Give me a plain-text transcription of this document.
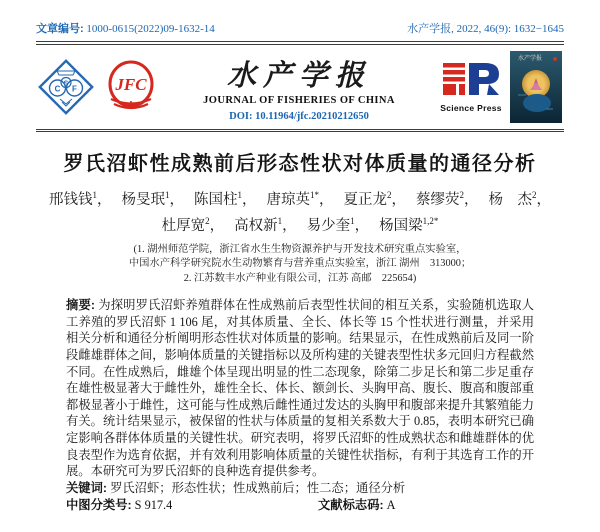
文章编号: 1000-0615(2022)09-1632-14	水产学报, 2022, 46(9): 1632−1645
C
S
F JFC	水产学报
JOURNAL OF FISHERIES OF CHINA
DOI: 10.11964/jfc.20210212650
Science Press
水产学报
罗氏沼虾性成熟前后形态性状对体质量的通径分析
邢钱钱$^1$， 杨旻珉$^1$， 陈国柱$^1$， 唐琼英$^{1*}$， 夏正龙$^2$， 蔡缪荧$^2$， 杨　杰$^2$，
杜厚宽$^2$， 高权新$^1$， 易少奎$^1$， 杨国梁$^{1,2*}$
(1. 湖州师范学院，浙江省水生生物资源养护与开发技术研究重点实验室，
中国水产科学研究院水生动物繁育与营养重点实验室，浙江 湖州　313000；
2. 江苏数丰水产种业有限公司，江苏 高邮　225654)

摘要: 为探明罗氏沼虾养殖群体在性成熟前后表型性状间的相互关系，实验随机选取人工养殖的罗氏沼虾 1 106 尾，对其体质量、全长、体长等 15 个性状进行测量，并采用相关分析和通径分析阐明形态性状对体质量的影响。结果显示，在性成熟前后及同一阶段雌雄群体之间，影响体质量的关键指标以及所构建的关键表型性状多元回归方程截然不同。在性成熟后，雌雄个体呈现出明显的性二态现象，除第二步足长和第二步足重存在雄性极显著大于雌性外，雄性全长、体长、额剑长、头胸甲高、腹长、腹高和腹部重都极显著小于雌性，这可能与性成熟后雌性通过发达的头胸甲和腹部来提升其繁殖能力有关。统计结果显示，被保留的性状与体质量的复相关系数大于 0.85，表明本研究已确定影响各群体体质量的关键性状。研究表明，将罗氏沼虾的性成熟状态和雌雄群体的优良表型作为选育依据，并有效利用影响体质量的关键性状指标，有利于其选育工作的开展。本研究可为罗氏沼虾的良种选育提供参考。

关键词: 罗氏沼虾；形态性状；性成熟前后；性二态；通径分析

中图分类号: S 917.4	文献标志码: A
